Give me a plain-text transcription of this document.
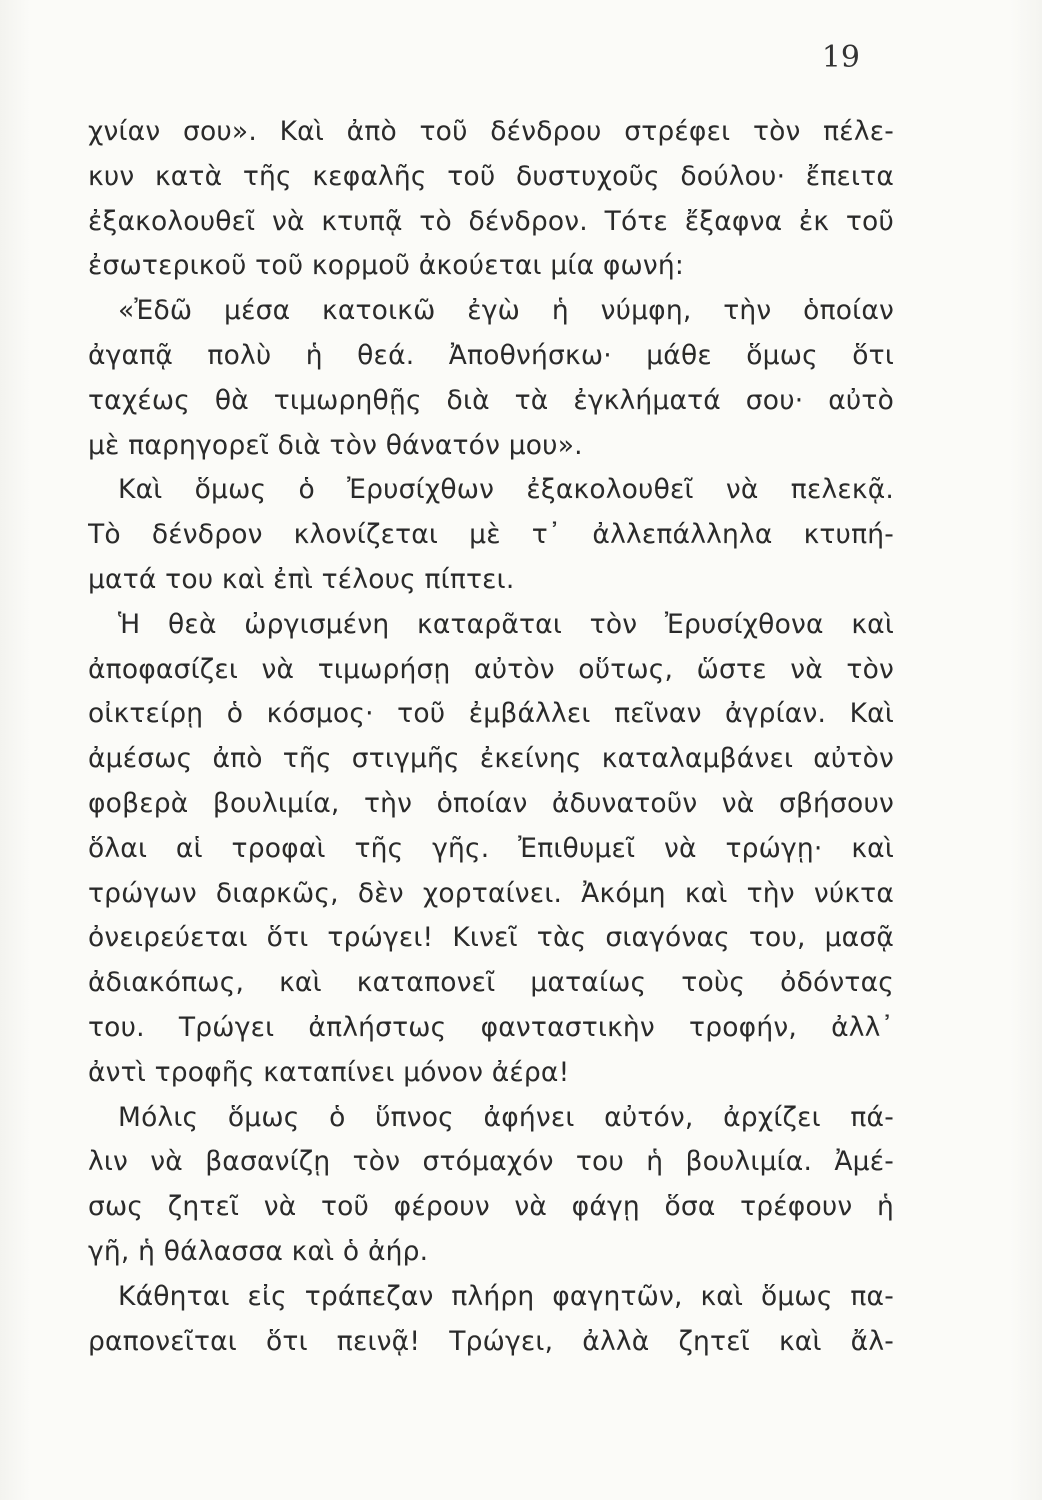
19
χνίαν σου». Καὶ ἀπὸ τοῦ δένδρου στρέφει τὸν πέλε-
κυν κατὰ τῆς κεφαλῆς τοῦ δυστυχοῦς δούλου· ἔπειτα
ἐξακολουθεῖ νὰ κτυπᾷ τὸ δένδρον. Τότε ἔξαφνα ἐκ τοῦ
ἐσωτερικοῦ τοῦ κορμοῦ ἀκούεται μία φωνή:
«Ἐδῶ μέσα κατοικῶ ἐγὼ ἡ νύμφη, τὴν ὁποίαν
ἀγαπᾷ πολὺ ἡ θεά. Ἀποθνήσκω· μάθε ὅμως ὅτι
ταχέως θὰ τιμωρηθῇς διὰ τὰ ἐγκλήματά σου· αὐτὸ
μὲ παρηγορεῖ διὰ τὸν θάνατόν μου».
Καὶ ὅμως ὁ Ἐρυσίχθων ἐξακολουθεῖ νὰ πελεκᾷ.
Τὸ δένδρον κλονίζεται μὲ τ᾽ ἀλλεπάλληλα κτυπή-
ματά του καὶ ἐπὶ τέλους πίπτει.
Ἡ θεὰ ὠργισμένη καταρᾶται τὸν Ἐρυσίχθονα καὶ
ἀποφασίζει νὰ τιμωρήσῃ αὐτὸν οὕτως, ὥστε νὰ τὸν
οἰκτείρῃ ὁ κόσμος· τοῦ ἐμβάλλει πεῖναν ἀγρίαν. Καὶ
ἀμέσως ἀπὸ τῆς στιγμῆς ἐκείνης καταλαμβάνει αὐτὸν
φοβερὰ βουλιμία, τὴν ὁποίαν ἀδυνατοῦν νὰ σβήσουν
ὅλαι αἱ τροφαὶ τῆς γῆς. Ἐπιθυμεῖ νὰ τρώγῃ· καὶ
τρώγων διαρκῶς, δὲν χορταίνει. Ἀκόμη καὶ τὴν νύκτα
ὀνειρεύεται ὅτι τρώγει! Κινεῖ τὰς σιαγόνας του, μασᾷ
ἀδιακόπως, καὶ καταπονεῖ ματαίως τοὺς ὀδόντας
του. Τρώγει ἀπλήστως φανταστικὴν τροφήν, ἀλλ᾽
ἀντὶ τροφῆς καταπίνει μόνον ἀέρα!
Μόλις ὅμως ὁ ὕπνος ἀφήνει αὐτόν, ἀρχίζει πά-
λιν νὰ βασανίζῃ τὸν στόμαχόν του ἡ βουλιμία. Ἀμέ-
σως ζητεῖ νὰ τοῦ φέρουν νὰ φάγῃ ὅσα τρέφουν ἡ
γῆ, ἡ θάλασσα καὶ ὁ ἀήρ.
Κάθηται εἰς τράπεζαν πλήρη φαγητῶν, καὶ ὅμως πα-
ραπονεῖται ὅτι πεινᾷ! Τρώγει, ἀλλὰ ζητεῖ καὶ ἄλ-
